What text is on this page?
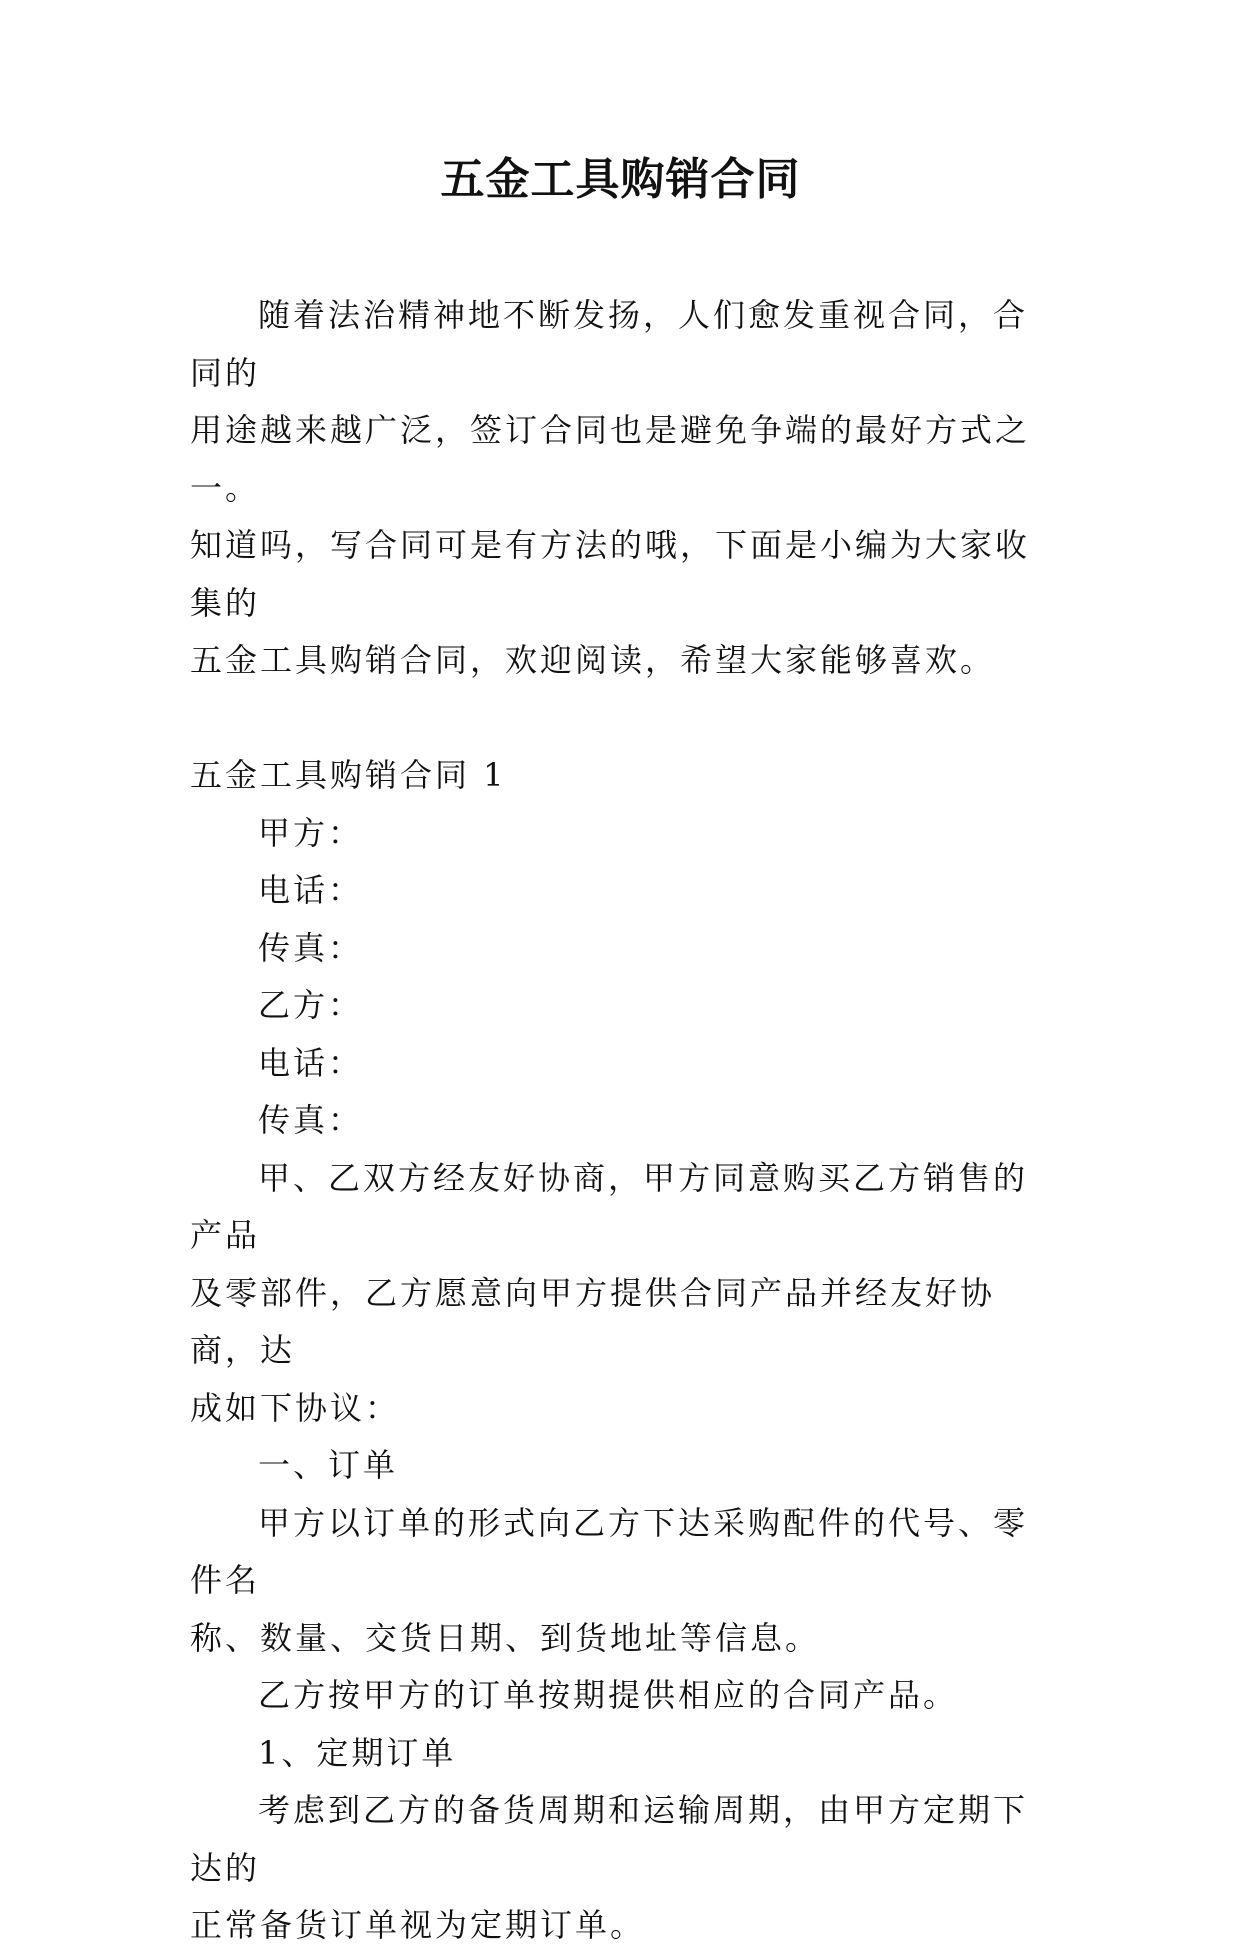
五金工具购销合同

随着法治精神地不断发扬，人们愈发重视合同，合同的

用途越来越广泛，签订合同也是避免争端的最好方式之一。

知道吗，写合同可是有方法的哦，下面是小编为大家收集的

五金工具购销合同，欢迎阅读，希望大家能够喜欢。

五金工具购销合同 1

甲方：

电话：

传真：

乙方：

电话：

传真：

甲、乙双方经友好协商，甲方同意购买乙方销售的产品

及零部件，乙方愿意向甲方提供合同产品并经友好协商，达

成如下协议：

一、订单

甲方以订单的形式向乙方下达采购配件的代号、零件名

称、数量、交货日期、到货地址等信息。

乙方按甲方的订单按期提供相应的合同产品。

1、定期订单

考虑到乙方的备货周期和运输周期，由甲方定期下达的

正常备货订单视为定期订单。
